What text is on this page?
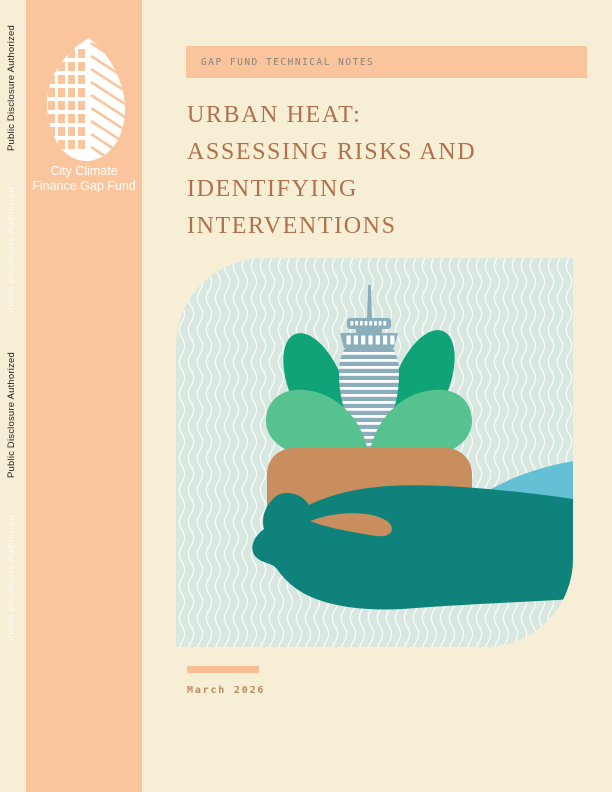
Public Disclosure Authorized
Public Disclosure Authorized
Public Disclosure Authorized
Public Disclosure Authorized
City Climate
Finance Gap Fund
GAP FUND TECHNICAL NOTES
URBAN HEAT:
ASSESSING RISKS AND
IDENTIFYING
INTERVENTIONS
March 2026
